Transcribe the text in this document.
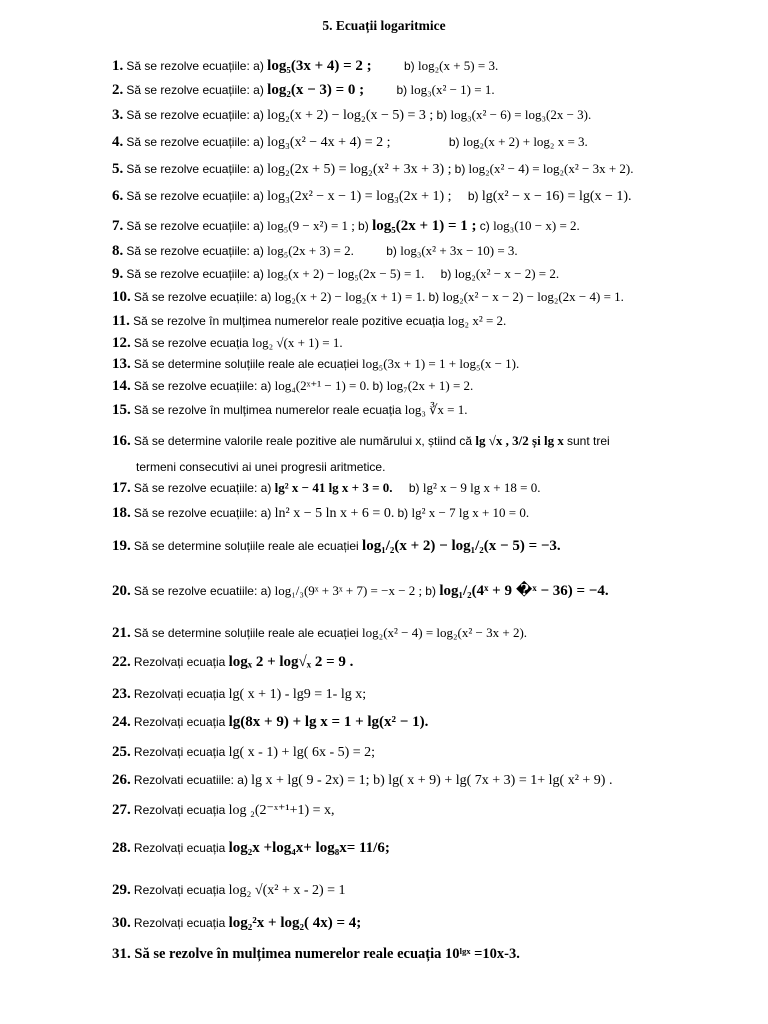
5. Ecuații logaritmice
1. Să se rezolve ecuațiile: a) log₅(3x + 4) = 2 ;	b) log₂(x + 5) = 3.
2. Să se rezolve ecuațiile: a) log₂(x − 3) = 0 ;	b) log₃(x² − 1) = 1.
3. Să se rezolve ecuațiile: a) log₂(x + 2) − log₂(x − 5) = 3 ; b) log₃(x² − 6) = log₃(2x − 3).
4. Să se rezolve ecuațiile: a) log₃(x² − 4x + 4) = 2 ;	b) log₂(x + 2) + log₂ x = 3.
5. Să se rezolve ecuațiile: a) log₂(2x + 5) = log₂(x² + 3x + 3) ; b) log₂(x² − 4) = log₂(x² − 3x + 2).
6. Să se rezolve ecuațiile: a) log₃(2x² − x − 1) = log₃(2x + 1) ; b) lg(x² − x − 16) = lg(x − 1).
7. Să se rezolve ecuațiile: a) log₅(9 − x²) = 1 ; b) log₅(2x + 1) = 1 ; c) log₃(10 − x) = 2.
8. Să se rezolve ecuațiile: a) log₅(2x + 3) = 2.	b) log₃(x² + 3x − 10) = 3.
9. Să se rezolve ecuațiile: a) log₅(x + 2) − log₅(2x − 5) = 1. b) log₂(x² − x − 2) = 2.
10. Să se rezolve ecuațiile: a) log₂(x + 2) − log₂(x + 1) = 1. b) log₂(x² − x − 2) − log₂(2x − 4) = 1.
11. Să se rezolve în mulțimea numerelor reale pozitive ecuația log₂ x² = 2.
12. Să se rezolve ecuația log₂ √(x + 1) = 1.
13. Să se determine soluțiile reale ale ecuației log₅(3x + 1) = 1 + log₅(x − 1).
14. Să se rezolve ecuațiile: a) log₄(2ˣ⁺¹ − 1) = 0. b) log₇(2x + 1) = 2.
15. Să se rezolve în mulțimea numerelor reale ecuația log₃ ∛x = 1.
16. Să se determine valorile reale pozitive ale numărului x, știind că lg √x , 3/2 și lg x sunt trei
termeni consecutivi ai unei progresii aritmetice.
17. Să se rezolve ecuațiile: a) lg² x − 41 lg x + 3 = 0. b) lg² x − 9 lg x + 18 = 0.
18. Să se rezolve ecuațiile: a) ln² x − 5 ln x + 6 = 0. b) lg² x − 7 lg x + 10 = 0.
19. Să se determine soluțiile reale ale ecuației log₁/₂(x + 2) − log₁/₂(x − 5) = −3.
20. Să se rezolve ecuatiile: a) log₁/₃(9ˣ + 3ˣ + 7) = −x − 2 ; b) log₁/₂(4ˣ + 9 �ˣ − 36) = −4.
21. Să se determine soluțiile reale ale ecuației log₂(x² − 4) = log₂(x² − 3x + 2).
22. Rezolvați ecuația logₓ 2 + log√ₓ 2 = 9 .
23. Rezolvați ecuația lg( x + 1) - lg9 = 1- lg x;
24. Rezolvați ecuația lg(8x + 9) + lg x = 1 + lg(x² − 1).
25. Rezolvați ecuația lg( x - 1) + lg( 6x - 5) = 2;
26. Rezolvati ecuatiile: a) lg x + lg( 9 - 2x) = 1; b) lg( x + 9) + lg( 7x + 3) = 1+ lg( x² + 9) .
27. Rezolvați ecuația log ₂(2⁻ˣ⁺¹+1) = x,
28. Rezolvați ecuația log₂x +log₄x+ log₈x= 11/6;
29. Rezolvați ecuația log₂ √(x² + x - 2) = 1
30. Rezolvați ecuația log₂²x + log₂( 4x) = 4;
31. Să se rezolve în mulțimea numerelor reale ecuația 10ˡᵍˣ =10x-3.
